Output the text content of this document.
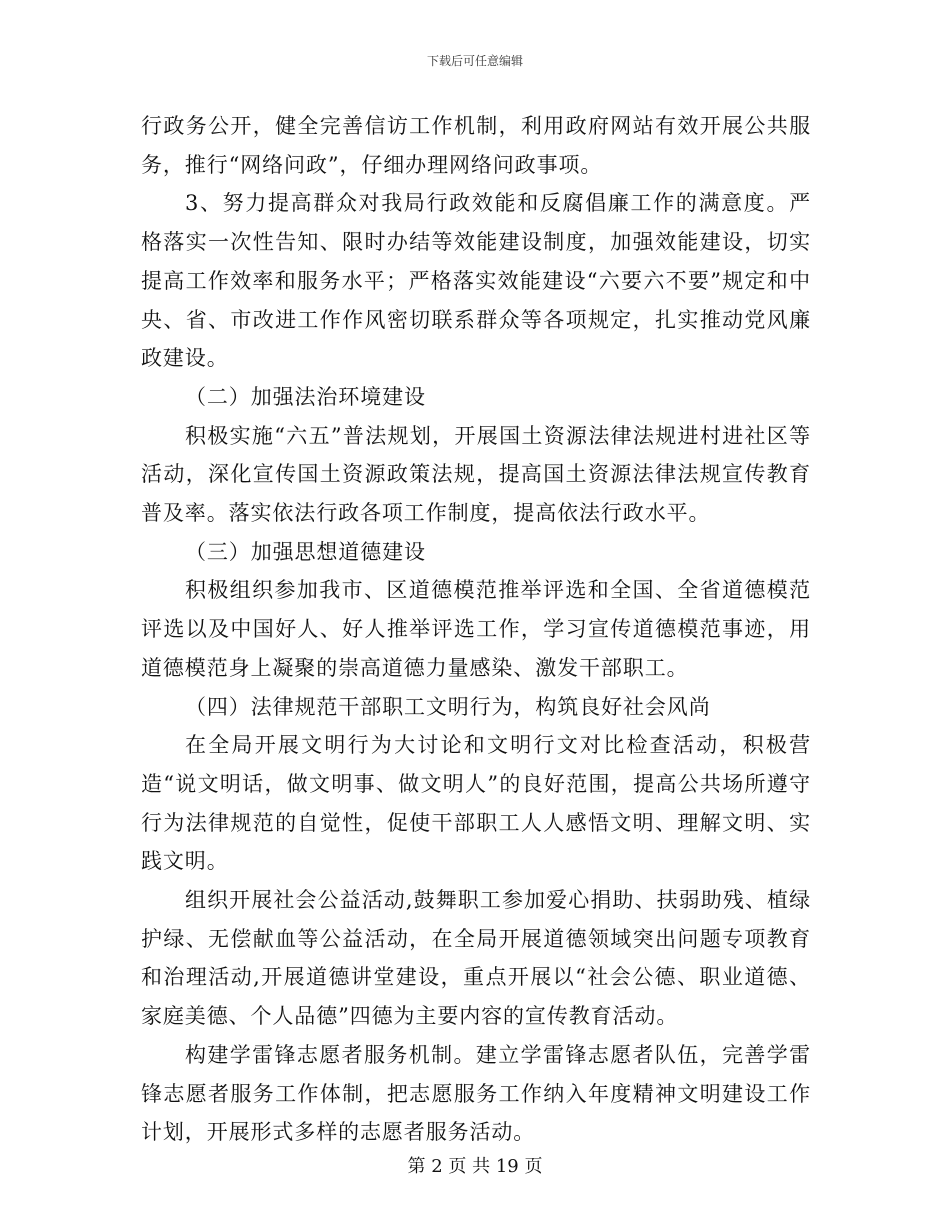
下载后可任意编辑

行政务公开，健全完善信访工作机制，利用政府网站有效开展公共服务，推行“网络问政”，仔细办理网络问政事项。

3、努力提高群众对我局行政效能和反腐倡廉工作的满意度。严格落实一次性告知、限时办结等效能建设制度，加强效能建设，切实提高工作效率和服务水平；严格落实效能建设“六要六不要”规定和中央、省、市改进工作作风密切联系群众等各项规定，扎实推动党风廉政建设。

（二）加强法治环境建设

积极实施“六五”普法规划，开展国土资源法律法规进村进社区等活动，深化宣传国土资源政策法规，提高国土资源法律法规宣传教育普及率。落实依法行政各项工作制度，提高依法行政水平。

（三）加强思想道德建设

积极组织参加我市、区道德模范推举评选和全国、全省道德模范评选以及中国好人、好人推举评选工作，学习宣传道德模范事迹，用道德模范身上凝聚的崇高道德力量感染、激发干部职工。

（四）法律规范干部职工文明行为，构筑良好社会风尚

在全局开展文明行为大讨论和文明行文对比检查活动，积极营造“说文明话，做文明事、做文明人”的良好范围，提高公共场所遵守行为法律规范的自觉性，促使干部职工人人感悟文明、理解文明、实践文明。

组织开展社会公益活动,鼓舞职工参加爱心捐助、扶弱助残、植绿护绿、无偿献血等公益活动，在全局开展道德领域突出问题专项教育和治理活动,开展道德讲堂建设，重点开展以“社会公德、职业道德、家庭美德、个人品德”四德为主要内容的宣传教育活动。

构建学雷锋志愿者服务机制。建立学雷锋志愿者队伍，完善学雷锋志愿者服务工作体制，把志愿服务工作纳入年度精神文明建设工作计划，开展形式多样的志愿者服务活动。

第 2 页 共 19 页
